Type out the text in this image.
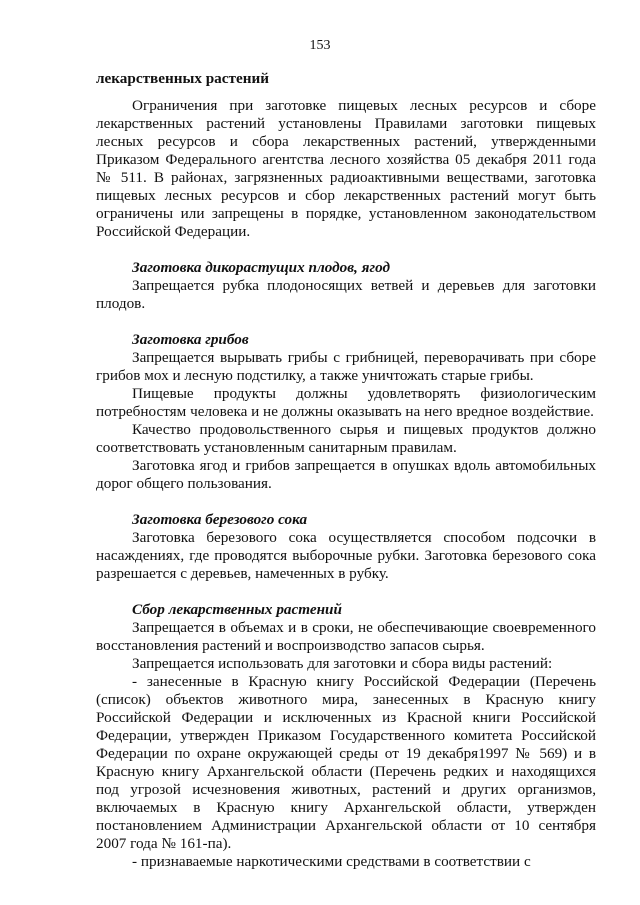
153
лекарственных растений

Ограничения при заготовке пищевых лесных ресурсов и сборе лекарственных растений установлены Правилами заготовки пищевых лесных ресурсов и сбора лекарственных растений, утвержденными Приказом Федерального агентства лесного хозяйства 05 декабря 2011 года № 511. В районах, загрязненных радиоактивными веществами, заготовка пищевых лесных ресурсов и сбор лекарственных растений могут быть ограничены или запрещены в порядке, установленном законодательством Российской Федерации.

Заготовка дикорастущих плодов, ягод

Запрещается рубка плодоносящих ветвей и деревьев для заготовки плодов.

Заготовка грибов

Запрещается вырывать грибы с грибницей, переворачивать при сборе грибов мох и лесную подстилку, а также уничтожать старые грибы.

Пищевые продукты должны удовлетворять физиологическим потребностям человека и не должны оказывать на него вредное воздействие.

Качество продовольственного сырья и пищевых продуктов должно соответствовать установленным санитарным правилам.

Заготовка ягод и грибов запрещается в опушках вдоль автомобильных дорог общего пользования.

Заготовка березового сока

Заготовка березового сока осуществляется способом подсочки в насаждениях, где проводятся выборочные рубки. Заготовка березового сока разрешается с деревьев, намеченных в рубку.

Сбор лекарственных растений

Запрещается в объемах и в сроки, не обеспечивающие своевременного восстановления растений и воспроизводство запасов сырья.

Запрещается использовать для заготовки и сбора виды растений:

- занесенные в Красную книгу Российской Федерации (Перечень (список) объектов животного мира, занесенных в Красную книгу Российской Федерации и исключенных из Красной книги Российской Федерации, утвержден Приказом Государственного комитета Российской Федерации по охране окружающей среды от 19 декабря1997 № 569) и в Красную книгу Архангельской области (Перечень редких и находящихся под угрозой исчезновения животных, растений и других организмов, включаемых в Красную книгу Архангельской области, утвержден постановлением Администрации Архангельской области от 10 сентября 2007 года № 161-па).

- признаваемые наркотическими средствами в соответствии с
